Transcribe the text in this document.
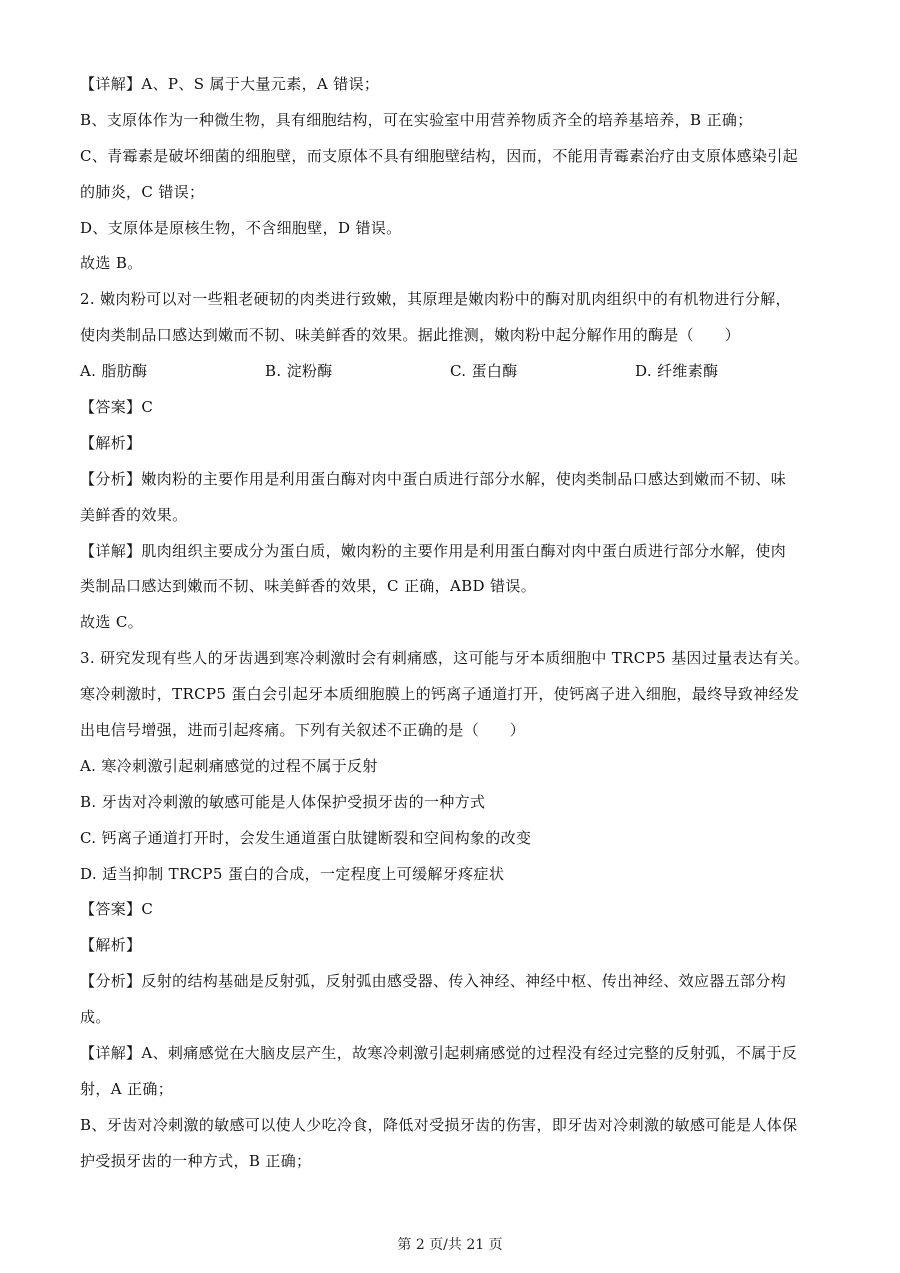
【详解】A、P、S 属于大量元素，A 错误；
B、支原体作为一种微生物，具有细胞结构，可在实验室中用营养物质齐全的培养基培养，B 正确；
C、青霉素是破坏细菌的细胞壁，而支原体不具有细胞壁结构，因而，不能用青霉素治疗由支原体感染引起
的肺炎，C 错误；
D、支原体是原核生物，不含细胞壁，D 错误。
故选 B。
2. 嫩肉粉可以对一些粗老硬韧的肉类进行致嫩，其原理是嫩肉粉中的酶对肌肉组织中的有机物进行分解，
使肉类制品口感达到嫩而不韧、味美鲜香的效果。据此推测，嫩肉粉中起分解作用的酶是（　　）
A. 脂肪酶	B. 淀粉酶	C. 蛋白酶	D. 纤维素酶
【答案】C
【解析】
【分析】嫩肉粉的主要作用是利用蛋白酶对肉中蛋白质进行部分水解，使肉类制品口感达到嫩而不韧、味
美鲜香的效果。
【详解】肌肉组织主要成分为蛋白质，嫩肉粉的主要作用是利用蛋白酶对肉中蛋白质进行部分水解，使肉
类制品口感达到嫩而不韧、味美鲜香的效果，C 正确，ABD 错误。
故选 C。
3. 研究发现有些人的牙齿遇到寒冷刺激时会有刺痛感，这可能与牙本质细胞中 TRCP5 基因过量表达有关。
寒冷刺激时，TRCP5 蛋白会引起牙本质细胞膜上的钙离子通道打开，使钙离子进入细胞，最终导致神经发
出电信号增强，进而引起疼痛。下列有关叙述不正确的是（　　）
A. 寒冷刺激引起刺痛感觉的过程不属于反射
B. 牙齿对冷刺激的敏感可能是人体保护受损牙齿的一种方式
C. 钙离子通道打开时，会发生通道蛋白肽键断裂和空间构象的改变
D. 适当抑制 TRCP5 蛋白的合成，一定程度上可缓解牙疼症状
【答案】C
【解析】
【分析】反射的结构基础是反射弧，反射弧由感受器、传入神经、神经中枢、传出神经、效应器五部分构
成。
【详解】A、刺痛感觉在大脑皮层产生，故寒冷刺激引起刺痛感觉的过程没有经过完整的反射弧，不属于反
射，A 正确；
B、牙齿对冷刺激的敏感可以使人少吃冷食，降低对受损牙齿的伤害，即牙齿对冷刺激的敏感可能是人体保
护受损牙齿的一种方式，B 正确；
第 2 页/共 21 页
